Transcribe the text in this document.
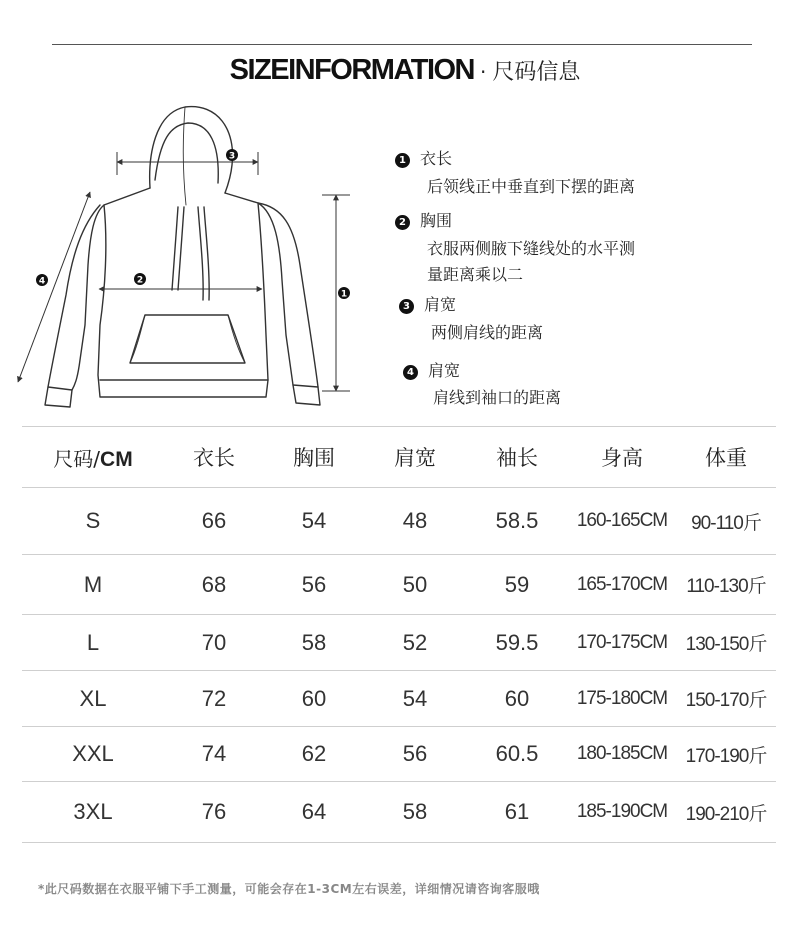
SIZEINFORMATION · 尺码信息
3
2
1
4
1 衣长
后领线正中垂直到下摆的距离
2 胸围
衣服两侧腋下缝线处的水平测
量距离乘以二
3 肩宽
两侧肩线的距离
4 肩宽
肩线到袖口的距离
尺码/CM	衣长	胸围	肩宽	袖长	身高	体重
S	66	54	48	58.5	160-165CM	90-110斤
M	68	56	50	59	165-170CM	110-130斤
L	70	58	52	59.5	170-175CM	130-150斤
XL	72	60	54	60	175-180CM	150-170斤
XXL	74	62	56	60.5	180-185CM	170-190斤
3XL	76	64	58	61	185-190CM	190-210斤
*此尺码数据在衣服平铺下手工测量，可能会存在1-3CM左右误差，详细情况请咨询客服哦
